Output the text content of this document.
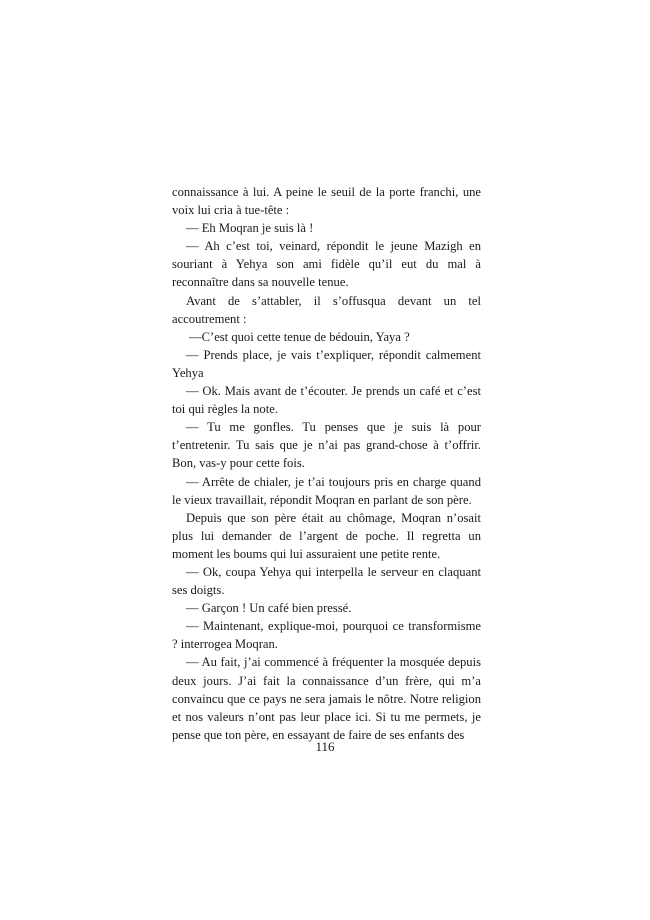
connaissance à lui. A peine le seuil de la porte franchi, une voix lui cria à tue-tête :

— Eh Moqran je suis là !

— Ah c’est toi, veinard, répondit le jeune Mazigh en souriant à Yehya son ami fidèle qu’il eut du mal à reconnaître dans sa nouvelle tenue.

Avant de s’attabler, il s’offusqua devant un tel accoutrement :

—C’est quoi cette tenue de bédouin, Yaya ?

— Prends place, je vais t’expliquer, répondit calmement Yehya

— Ok. Mais avant de t’écouter. Je prends un café et c’est toi qui règles la note.

— Tu me gonfles. Tu penses que je suis là pour t’entretenir. Tu sais que je n’ai pas grand-chose à t’offrir. Bon, vas-y pour cette fois.

— Arrête de chialer, je t’ai toujours pris en charge quand le vieux travaillait, répondit Moqran en parlant de son père.

Depuis que son père était au chômage, Moqran n’osait plus lui demander de l’argent de poche. Il regretta un moment les boums qui lui assuraient une petite rente.

— Ok, coupa Yehya qui interpella le serveur en claquant ses doigts.

— Garçon ! Un café bien pressé.

— Maintenant, explique-moi, pourquoi ce transformisme ? interrogea Moqran.

— Au fait, j’ai commencé à fréquenter la mosquée depuis deux jours. J’ai fait la connaissance d’un frère, qui m’a convaincu que ce pays ne sera jamais le nôtre. Notre religion et nos valeurs n’ont pas leur place ici. Si tu me permets, je pense que ton père, en essayant de faire de ses enfants des

116
